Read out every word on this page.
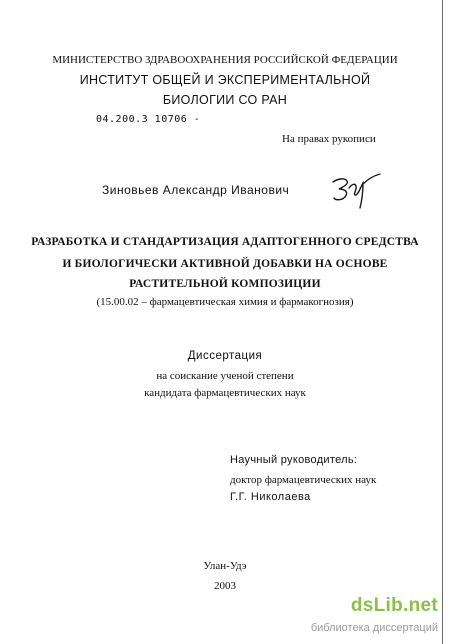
МИНИСТЕРСТВО ЗДРАВООХРАНЕНИЯ РОССИЙСКОЙ ФЕДЕРАЦИИ
ИНСТИТУТ ОБЩЕЙ И ЭКСПЕРИМЕНТАЛЬНОЙ
БИОЛОГИИ СО РАН
04.200.3 10706 -
На правах рукописи
Зиновьев Александр Иванович
РАЗРАБОТКА И СТАНДАРТИЗАЦИЯ АДАПТОГЕННОГО СРЕДСТВА
И БИОЛОГИЧЕСКИ АКТИВНОЙ ДОБАВКИ НА ОСНОВЕ
РАСТИТЕЛЬНОЙ КОМПОЗИЦИИ
(15.00.02 – фармацевтическая химия и фармакогнозия)
Диссертация
на соискание ученой степени
кандидата фармацевтических наук
Научный руководитель:
доктор фармацевтических наук
Г.Г. Николаева
Улан-Удэ
2003
dsLib.net
библиотека диссертаций
